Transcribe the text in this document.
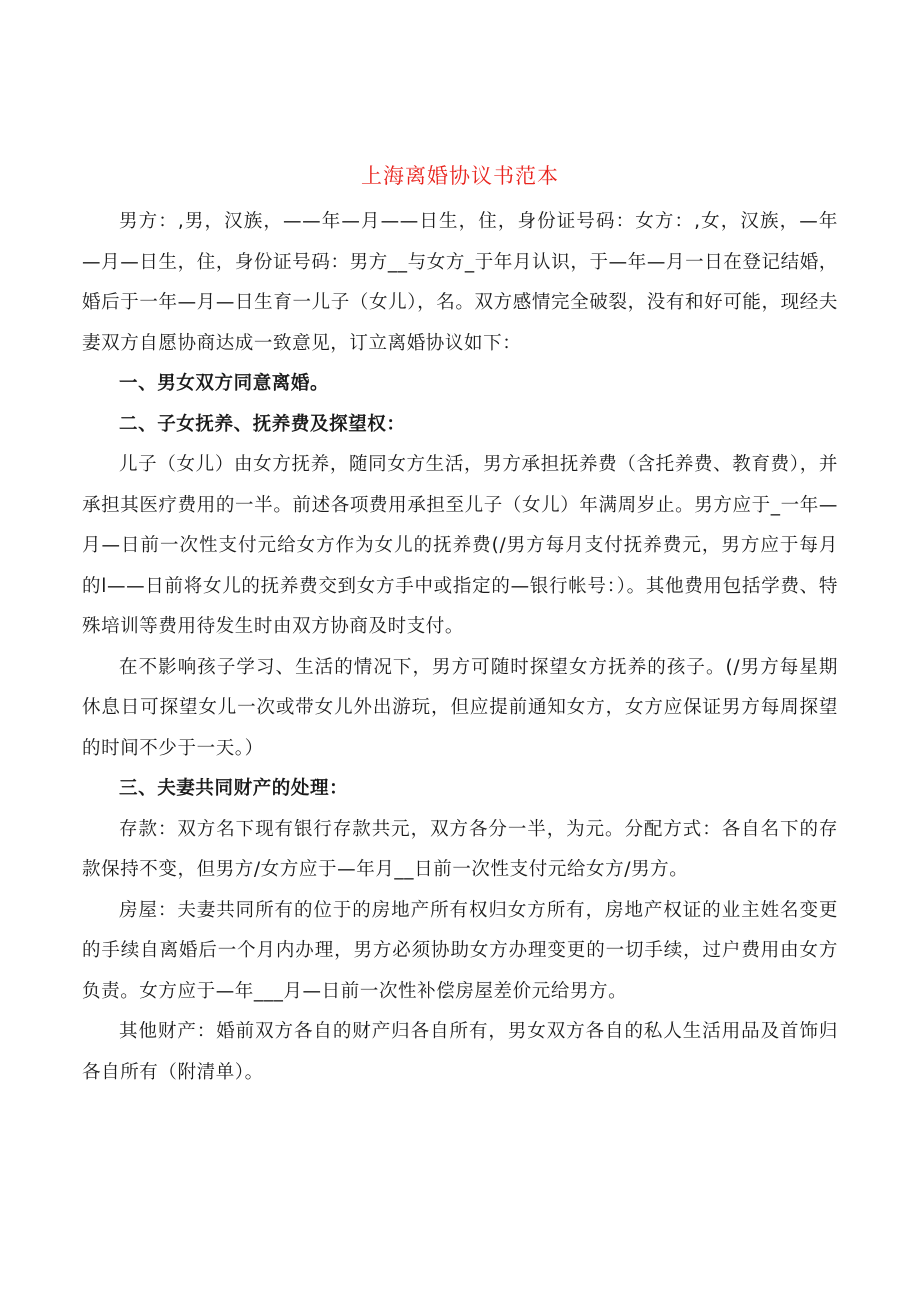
上海离婚协议书范本

男方：,男，汉族，——年—月——日生，住，身份证号码：女方：,女，汉族，—年—月—日生，住，身份证号码：男方__与女方_于年月认识，于—年—月一日在登记结婚，婚后于一年—月—日生育一儿子（女儿），名。双方感情完全破裂，没有和好可能，现经夫妻双方自愿协商达成一致意见，订立离婚协议如下：

一、男女双方同意离婚。

二、子女抚养、抚养费及探望权：

儿子（女儿）由女方抚养，随同女方生活，男方承担抚养费（含托养费、教育费），并承担其医疗费用的一半。前述各项费用承担至儿子（女儿）年满周岁止。男方应于_一年—月—日前一次性支付元给女方作为女儿的抚养费(/男方每月支付抚养费元，男方应于每月的l——日前将女儿的抚养费交到女方手中或指定的—银行帐号：）。其他费用包括学费、特殊培训等费用待发生时由双方协商及时支付。

在不影响孩子学习、生活的情况下，男方可随时探望女方抚养的孩子。(/男方每星期休息日可探望女儿一次或带女儿外出游玩，但应提前通知女方，女方应保证男方每周探望的时间不少于一天。）

三、夫妻共同财产的处理：

存款：双方名下现有银行存款共元，双方各分一半，为元。分配方式：各自名下的存款保持不变，但男方/女方应于—年月__日前一次性支付元给女方/男方。

房屋：夫妻共同所有的位于的房地产所有权归女方所有，房地产权证的业主姓名变更的手续自离婚后一个月内办理，男方必须协助女方办理变更的一切手续，过户费用由女方负责。女方应于—年___月—日前一次性补偿房屋差价元给男方。

其他财产：婚前双方各自的财产归各自所有，男女双方各自的私人生活用品及首饰归各自所有（附清单）。
